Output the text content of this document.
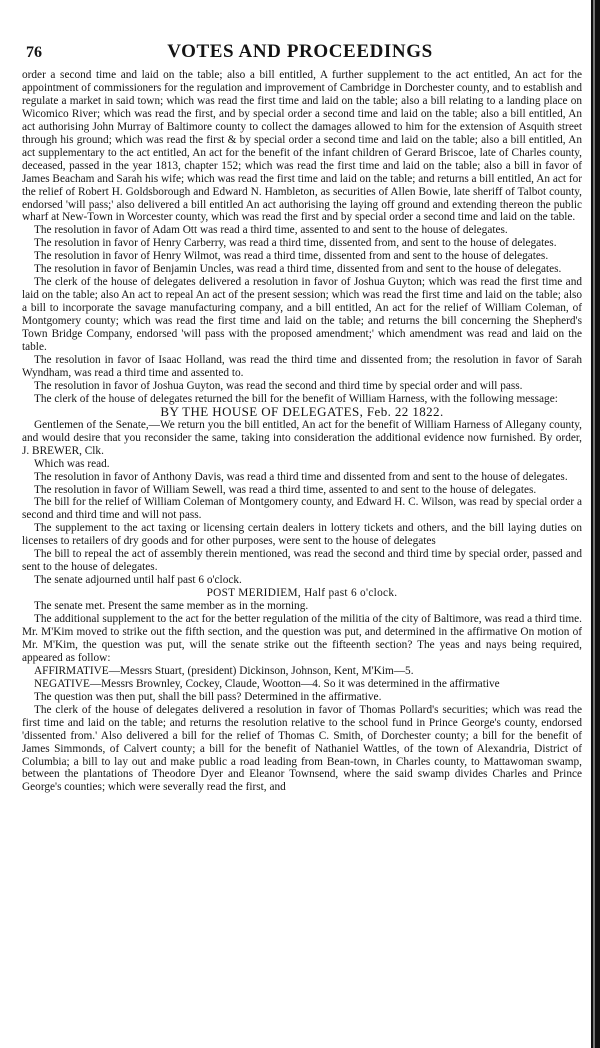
76	VOTES AND PROCEEDINGS

order a second time and laid on the table; also a bill entitled, A further supplement to the act entitled, An act for the appointment of commissioners for the regulation and improvement of Cambridge in Dorchester county, and to establish and regulate a market in said town; which was read the first time and laid on the table; also a bill relating to a landing place on Wicomico River; which was read the first, and by special order a second time and laid on the table; also a bill entitled, An act authorising John Murray of Baltimore county to collect the damages allowed to him for the extension of Asquith street through his ground; which was read the first & by special order a second time and laid on the table; also a bill entitled, An act supplementary to the act entitled, An act for the benefit of the infant children of Gerard Briscoe, late of Charles county, deceased, passed in the year 1813, chapter 152; which was read the first time and laid on the table; also a bill in favor of James Beacham and Sarah his wife; which was read the first time and laid on the table; and returns a bill entitled, An act for the relief of Robert H. Goldsborough and Edward N. Hambleton, as securities of Allen Bowie, late sheriff of Talbot county, endorsed 'will pass;' also delivered a bill entitled An act authorising the laying off ground and extending thereon the public wharf at New-Town in Worcester county, which was read the first and by special order a second time and laid on the table.

The resolution in favor of Adam Ott was read a third time, assented to and sent to the house of delegates.

The resolution in favor of Henry Carberry, was read a third time, dissented from, and sent to the house of delegates.

The resolution in favor of Henry Wilmot, was read a third time, dissented from and sent to the house of delegates.

The resolution in favor of Benjamin Uncles, was read a third time, dissented from and sent to the house of delegates.

The clerk of the house of delegates delivered a resolution in favor of Joshua Guyton; which was read the first time and laid on the table; also An act to repeal An act of the present session; which was read the first time and laid on the table; also a bill to incorporate the savage manufacturing company, and a bill entitled, An act for the relief of William Coleman, of Montgomery county; which was read the first time and laid on the table; and returns the bill concerning the Shepherd's Town Bridge Company, endorsed 'will pass with the proposed amendment;' which amendment was read and laid on the table.

The resolution in favor of Isaac Holland, was read the third time and dissented from; the resolution in favor of Sarah Wyndham, was read a third time and assented to.

The resolution in favor of Joshua Guyton, was read the second and third time by special order and will pass.

The clerk of the house of delegates returned the bill for the benefit of William Harness, with the following message:

BY THE HOUSE OF DELEGATES, Feb. 22 1822.

Gentlemen of the Senate,—We return you the bill entitled, An act for the benefit of William Harness of Allegany county, and would desire that you reconsider the same, taking into consideration the additional evidence now furnished. By order, J. BREWER, Clk.

Which was read.

The resolution in favor of Anthony Davis, was read a third time and dissented from and sent to the house of delegates.

The resolution in favor of William Sewell, was read a third time, assented to and sent to the house of delegates.

The bill for the relief of William Coleman of Montgomery county, and Edward H. C. Wilson, was read by special order a second and third time and will not pass.

The supplement to the act taxing or licensing certain dealers in lottery tickets and others, and the bill laying duties on licenses to retailers of dry goods and for other purposes, were sent to the house of delegates

The bill to repeal the act of assembly therein mentioned, was read the second and third time by special order, passed and sent to the house of delegates.

The senate adjourned until half past 6 o'clock.

POST MERIDIEM, Half past 6 o'clock.

The senate met. Present the same member as in the morning.

The additional supplement to the act for the better regulation of the militia of the city of Baltimore, was read a third time. Mr. M'Kim moved to strike out the fifth section, and the question was put, and determined in the affirmative On motion of Mr. M'Kim, the question was put, will the senate strike out the fifteenth section? The yeas and nays being required, appeared as follow:

AFFIRMATIVE—Messrs Stuart, (president) Dickinson, Johnson, Kent, M'Kim—5.

NEGATIVE—Messrs Brownley, Cockey, Claude, Wootton—4. So it was determined in the affirmative

The question was then put, shall the bill pass? Determined in the affirmative.

The clerk of the house of delegates delivered a resolution in favor of Thomas Pollard's securities; which was read the first time and laid on the table; and returns the resolution relative to the school fund in Prince George's county, endorsed 'dissented from.' Also delivered a bill for the relief of Thomas C. Smith, of Dorchester county; a bill for the benefit of James Simmonds, of Calvert county; a bill for the benefit of Nathaniel Wattles, of the town of Alexandria, District of Columbia; a bill to lay out and make public a road leading from Bean-town, in Charles county, to Mattawoman swamp, between the plantations of Theodore Dyer and Eleanor Townsend, where the said swamp divides Charles and Prince George's counties; which were severally read the first, and
